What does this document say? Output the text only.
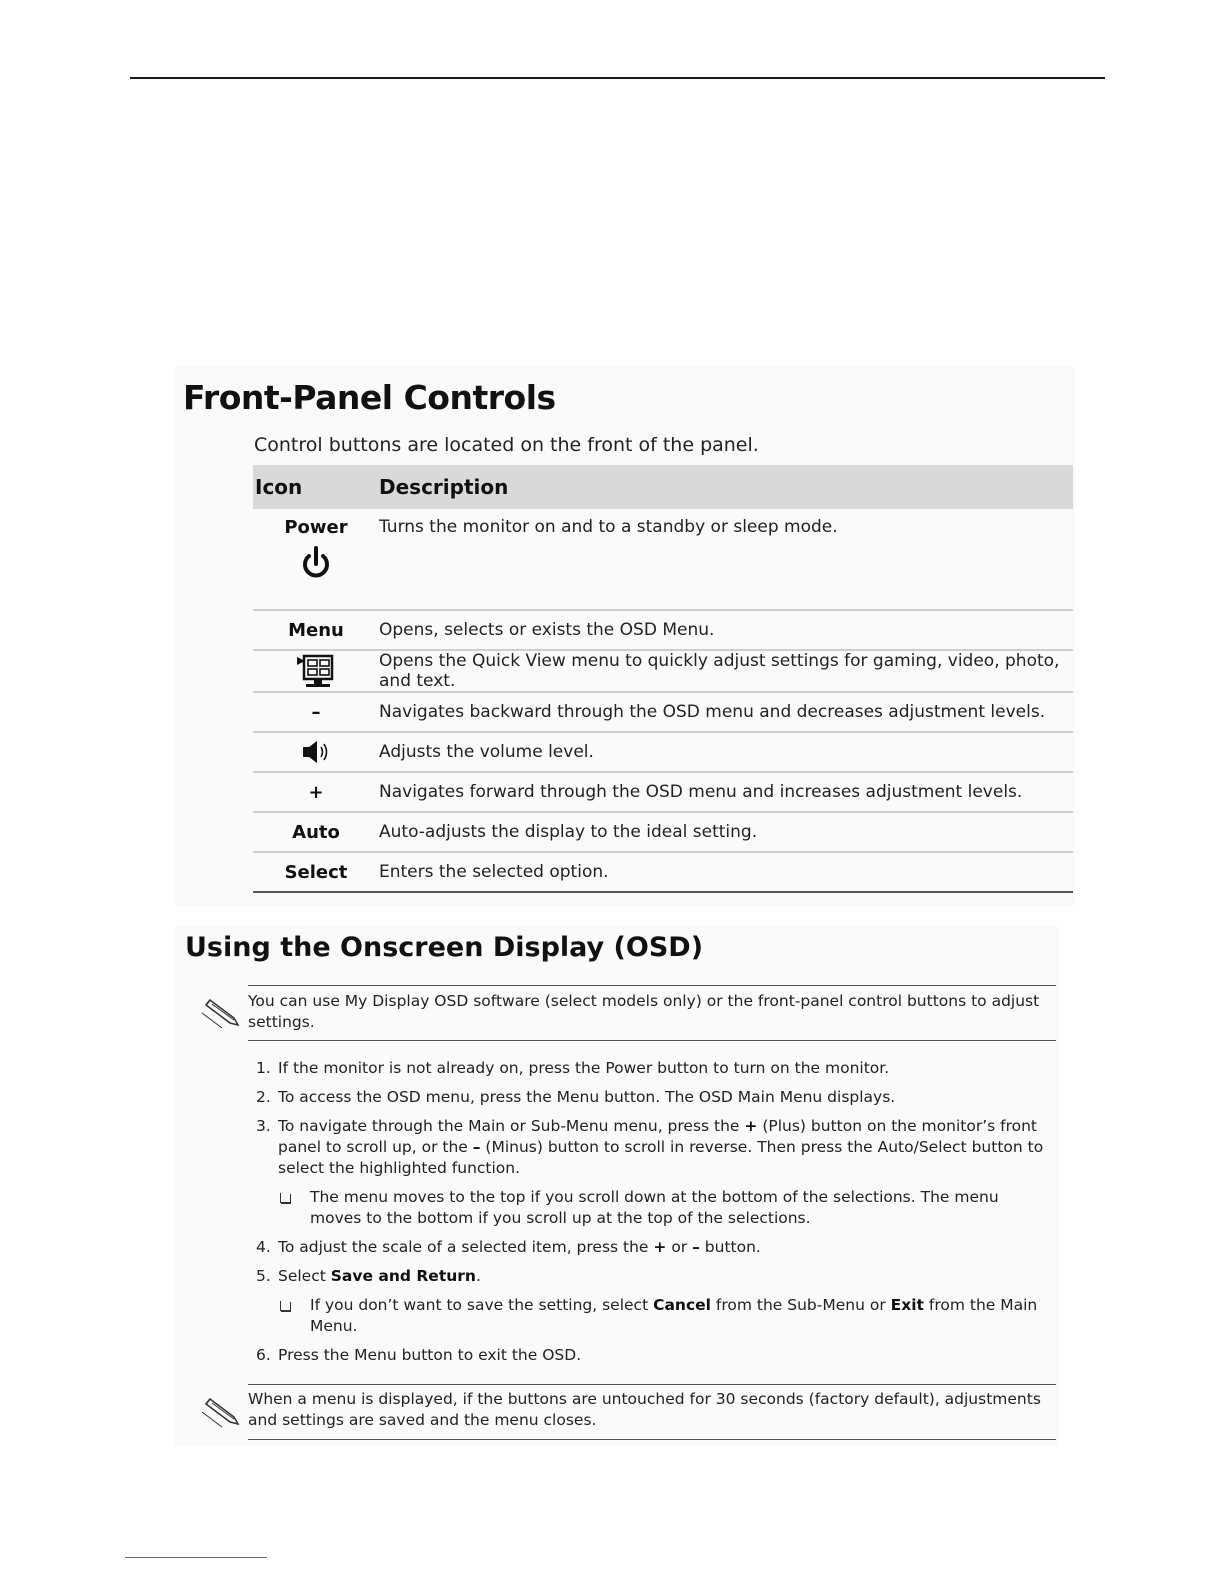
Front-Panel Controls

Control buttons are located on the front of the panel.

Icon	Description

Power	Turns the monitor on and to a standby or sleep mode.
Menu	Opens, selects or exists the OSD Menu.
	Opens the Quick View menu to quickly adjust settings for gaming, video, photo, and text.
–	Navigates backward through the OSD menu and decreases adjustment levels.
	Adjusts the volume level.
+	Navigates forward through the OSD menu and increases adjustment levels.
Auto	Auto-adjusts the display to the ideal setting.
Select	Enters the selected option.
Using the Onscreen Display (OSD)
You can use My Display OSD software (select models only) or the front-panel control buttons to adjust settings.
1. If the monitor is not already on, press the Power button to turn on the monitor.
2. To access the OSD menu, press the Menu button. The OSD Main Menu displays.
3. To navigate through the Main or Sub-Menu menu, press the + (Plus) button on the monitor’s front panel to scroll up, or the – (Minus) button to scroll in reverse. Then press the Auto/Select button to select the highlighted function.
The menu moves to the top if you scroll down at the bottom of the selections. The menu moves to the bottom if you scroll up at the top of the selections.
4. To adjust the scale of a selected item, press the + or – button.
5. Select Save and Return.
If you don’t want to save the setting, select Cancel from the Sub-Menu or Exit from the Main Menu.
6. Press the Menu button to exit the OSD.
When a menu is displayed, if the buttons are untouched for 30 seconds (factory default), adjustments and settings are saved and the menu closes.
